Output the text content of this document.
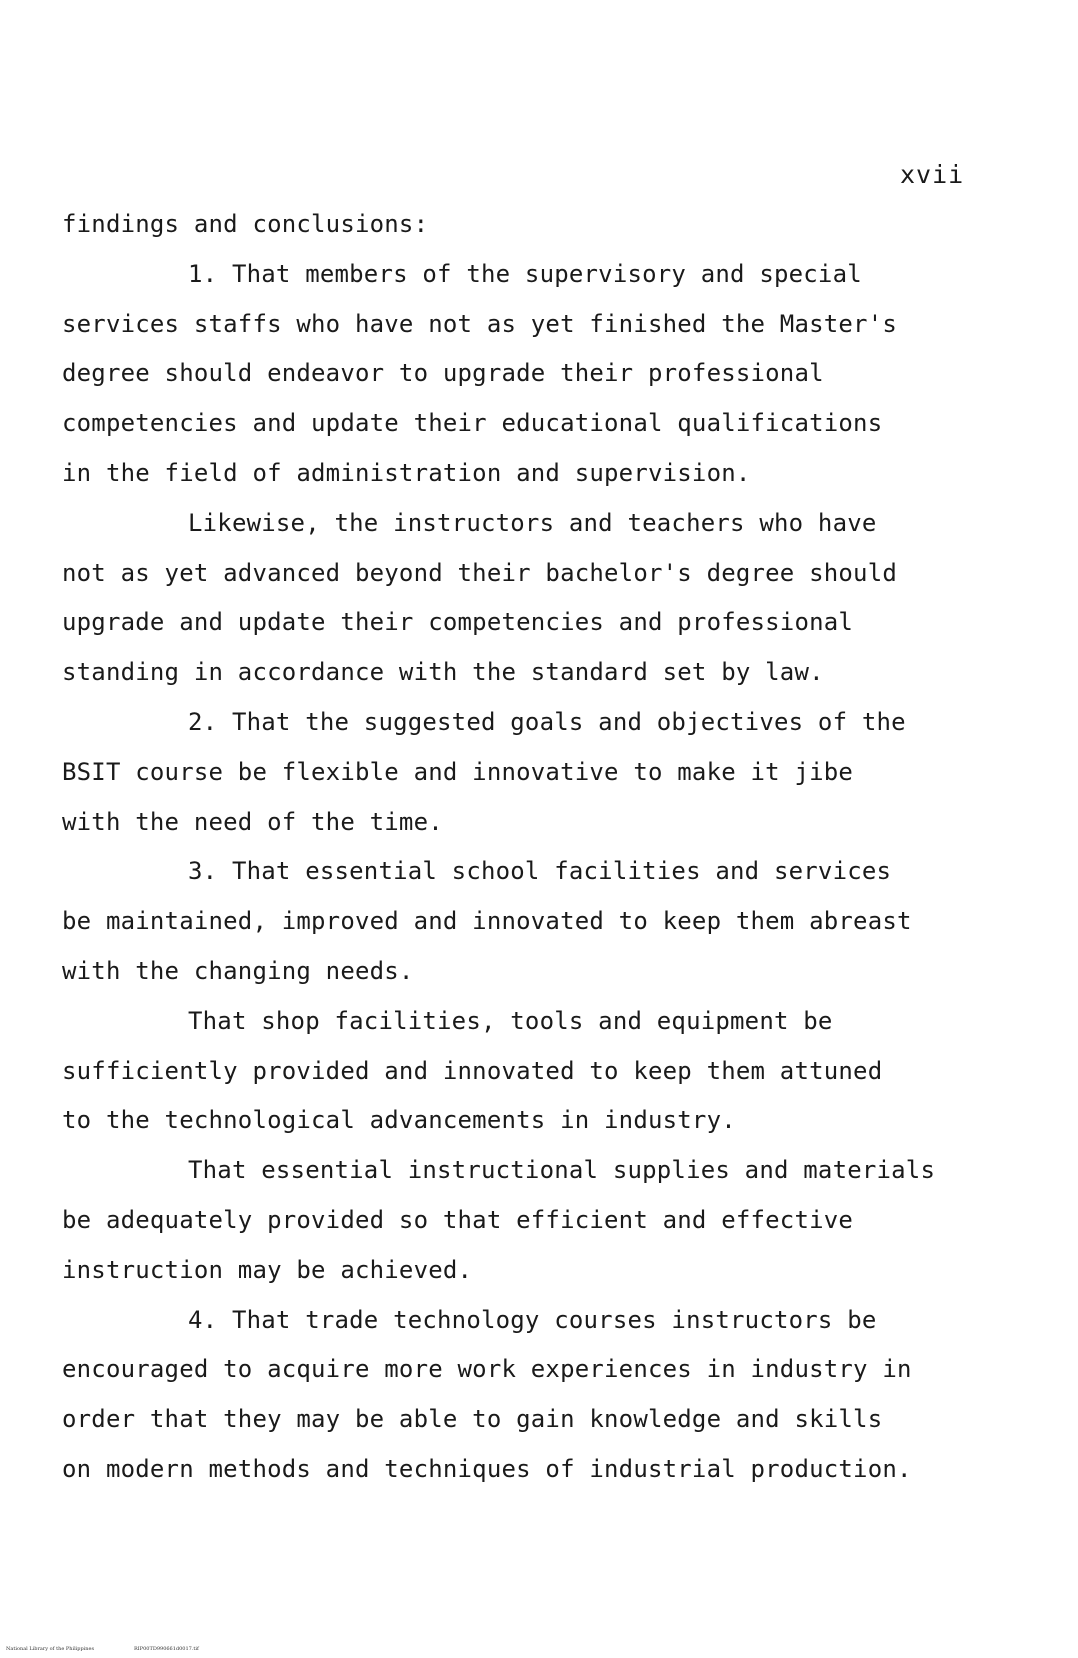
xvii
findings and conclusions:
1. That members of the supervisory and special
services staffs who have not as yet finished the Master's
degree should endeavor to upgrade their professional
competencies and update their educational qualifications
in the field of administration and supervision.
Likewise, the instructors and teachers who have
not as yet advanced beyond their bachelor's degree should
upgrade and update their competencies and professional
standing in accordance with the standard set by law.
2. That the suggested goals and objectives of the
BSIT course be flexible and innovative to make it jibe
with the need of the time.
3. That essential school facilities and services
be maintained, improved and innovated to keep them abreast
with the changing needs.
That shop facilities, tools and equipment be
sufficiently provided and innovated to keep them attuned
to the technological advancements in industry.
That essential instructional supplies and materials
be adequately provided so that efficient and effective
instruction may be achieved.
4. That trade technology courses instructors be
encouraged to acquire more work experiences in industry in
order that they may be able to gain knowledge and skills
on modern methods and techniques of industrial production.
National Library of the Philippines	RIP00TD990661d0017.tif
